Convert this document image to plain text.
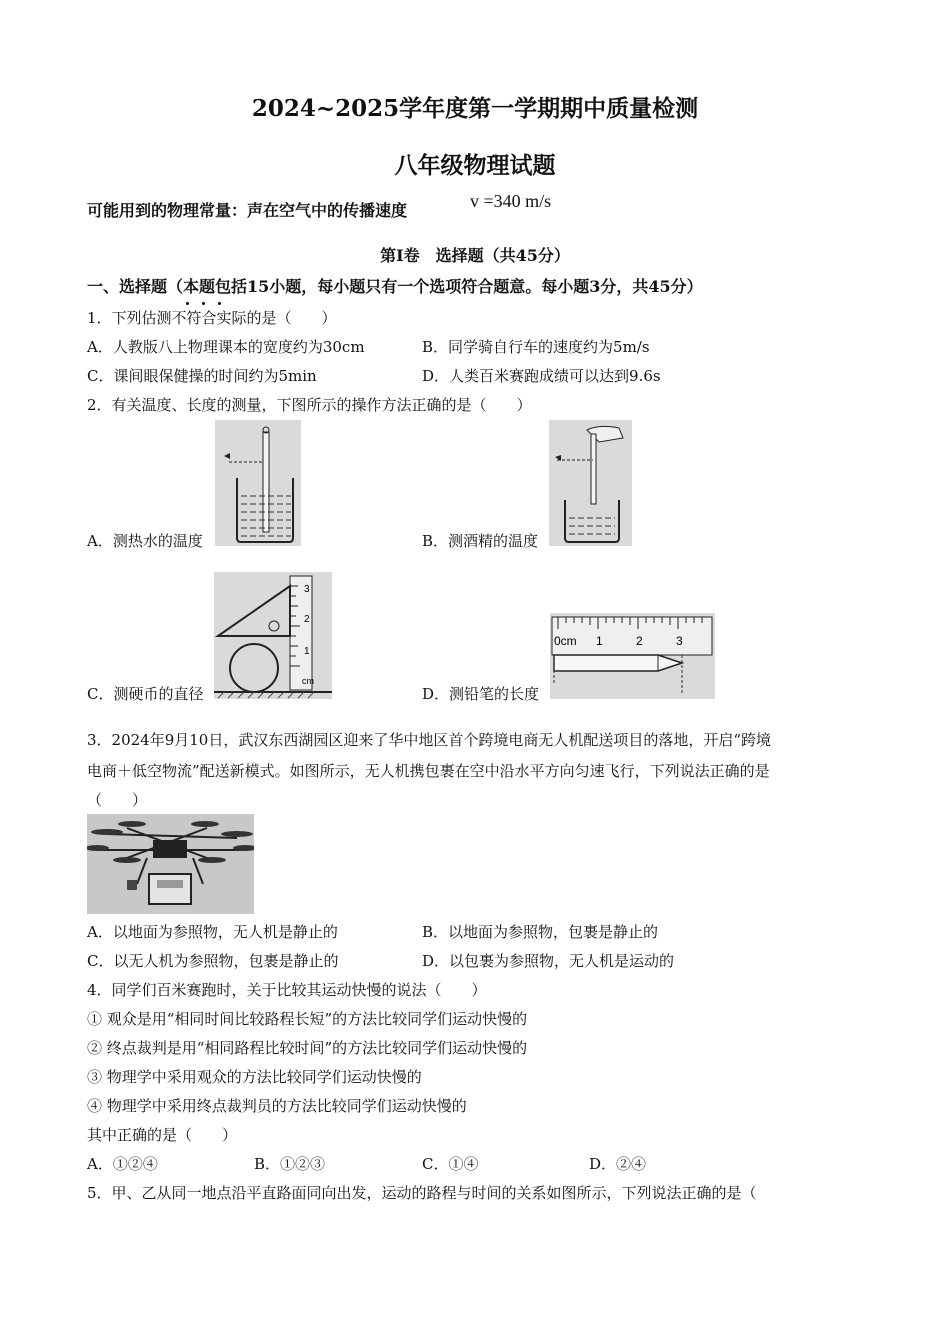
2024~2025学年度第一学期期中质量检测
八年级物理试题
可能用到的物理常量：声在空气中的传播速度	v =340 m/s
第Ⅰ卷　选择题（共45分）
一、选择题（本题包括15小题，每小题只有一个选项符合题意。每小题3分，共45分）
1．下列估测不符合实际的是（　　）
A．人教版八上物理课本的宽度约为30cm	B．同学骑自行车的速度约为5m/s
C．课间眼保健操的时间约为5min	D．人类百米赛跑成绩可以达到9.6s
2．有关温度、长度的测量，下图所示的操作方法正确的是（　　）
A．测热水的温度	B．测酒精的温度
C．测硬币的直径
3
2
1
cm
D．测铅笔的长度
0cm 1	2	3
3．2024年9月10日，武汉东西湖园区迎来了华中地区首个跨境电商无人机配送项目的落地，开启“跨境
电商＋低空物流”配送新模式。如图所示，无人机携包裹在空中沿水平方向匀速飞行，下列说法正确的是
（　　）
A．以地面为参照物，无人机是静止的	B．以地面为参照物，包裹是静止的
C．以无人机为参照物，包裹是静止的	D．以包裹为参照物，无人机是运动的
4．同学们百米赛跑时，关于比较其运动快慢的说法（　　）
① 观众是用“相同时间比较路程长短”的方法比较同学们运动快慢的
② 终点裁判是用“相同路程比较时间”的方法比较同学们运动快慢的
③ 物理学中采用观众的方法比较同学们运动快慢的
④ 物理学中采用终点裁判员的方法比较同学们运动快慢的
其中正确的是（　　）
A．①②④	B．①②③	C．①④	D．②④
5．甲、乙从同一地点沿平直路面同向出发，运动的路程与时间的关系如图所示，下列说法正确的是（
